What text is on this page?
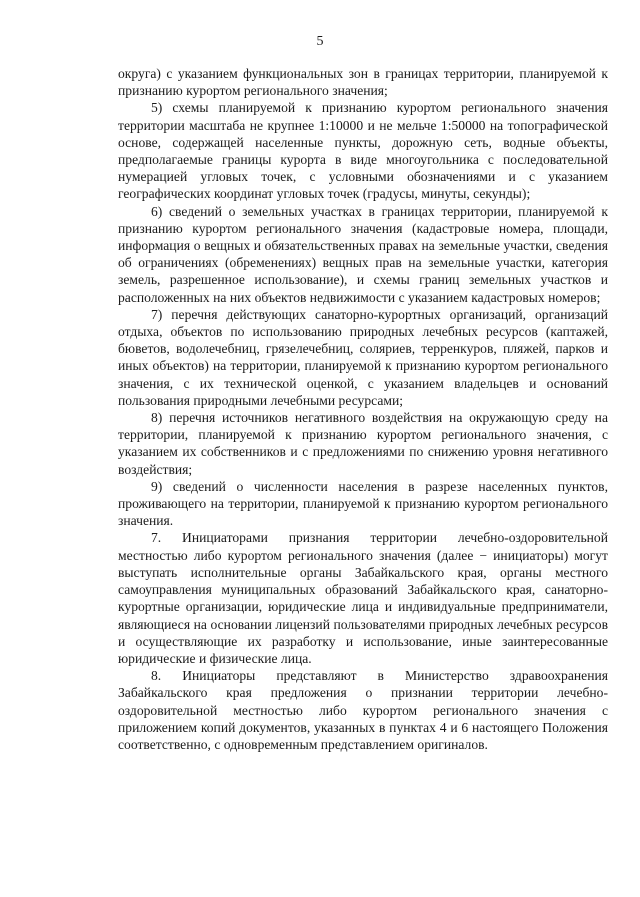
5

округа) с указанием функциональных зон в границах территории, планируемой к признанию курортом регионального значения;

5) схемы планируемой к признанию курортом регионального значения территории масштаба не крупнее 1:10000 и не мельче 1:50000 на топографической основе, содержащей населенные пункты, дорожную сеть, водные объекты, предполагаемые границы курорта в виде многоугольника с последовательной нумерацией угловых точек, с условными обозначениями и с указанием географических координат угловых точек (градусы, минуты, секунды);

6) сведений о земельных участках в границах территории, планируемой к признанию курортом регионального значения (кадастровые номера, площади, информация о вещных и обязательственных правах на земельные участки, сведения об ограничениях (обременениях) вещных прав на земельные участки, категория земель, разрешенное использование), и схемы границ земельных участков и расположенных на них объектов недвижимости с указанием кадастровых номеров;

7) перечня действующих санаторно-курортных организаций, организаций отдыха, объектов по использованию природных лечебных ресурсов (каптажей, бюветов, водолечебниц, грязелечебниц, соляриев, терренкуров, пляжей, парков и иных объектов) на территории, планируемой к признанию курортом регионального значения, с их технической оценкой, с указанием владельцев и оснований пользования природными лечебными ресурсами;

8) перечня источников негативного воздействия на окружающую среду на территории, планируемой к признанию курортом регионального значения, с указанием их собственников и с предложениями по снижению уровня негативного воздействия;

9) сведений о численности населения в разрезе населенных пунктов, проживающего на территории, планируемой к признанию курортом регионального значения.

7. Инициаторами признания территории лечебно-оздоровительной местностью либо курортом регионального значения (далее − инициаторы) могут выступать исполнительные органы Забайкальского края, органы местного самоуправления муниципальных образований Забайкальского края, санаторно-курортные организации, юридические лица и индивидуальные предприниматели, являющиеся на основании лицензий пользователями природных лечебных ресурсов и осуществляющие их разработку и использование, иные заинтересованные юридические и физические лица.

8. Инициаторы представляют в Министерство здравоохранения Забайкальского края предложения о признании территории лечебно-оздоровительной местностью либо курортом регионального значения с приложением копий документов, указанных в пунктах 4 и 6 настоящего Положения соответственно, с одновременным представлением оригиналов.
